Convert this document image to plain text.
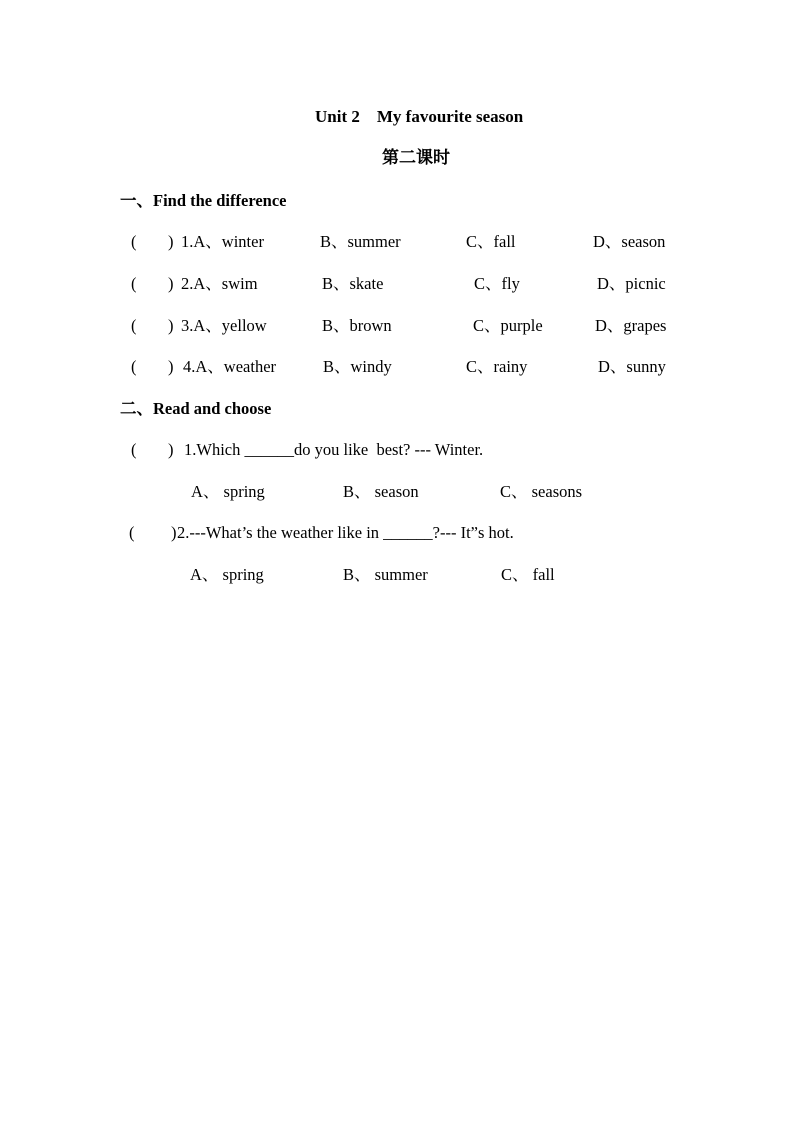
Unit 2    My favourite season
第二课时
一、Find the difference
( ) 1.A、winter	B、summer	C、fall	D、season
( ) 2.A、swim	B、skate	C、fly	D、picnic
( ) 3.A、yellow	B、brown	C、purple	D、grapes
( ) 4.A、weather	B、windy	C、rainy	D、sunny
二、Read and choose
( ) 1.Which ______do you like  best? --- Winter.
A、 spring	B、 season	C、 seasons
( ) 2.---What’s the weather like in ______?--- It”s hot.
A、 spring	B、 summer	C、 fall
